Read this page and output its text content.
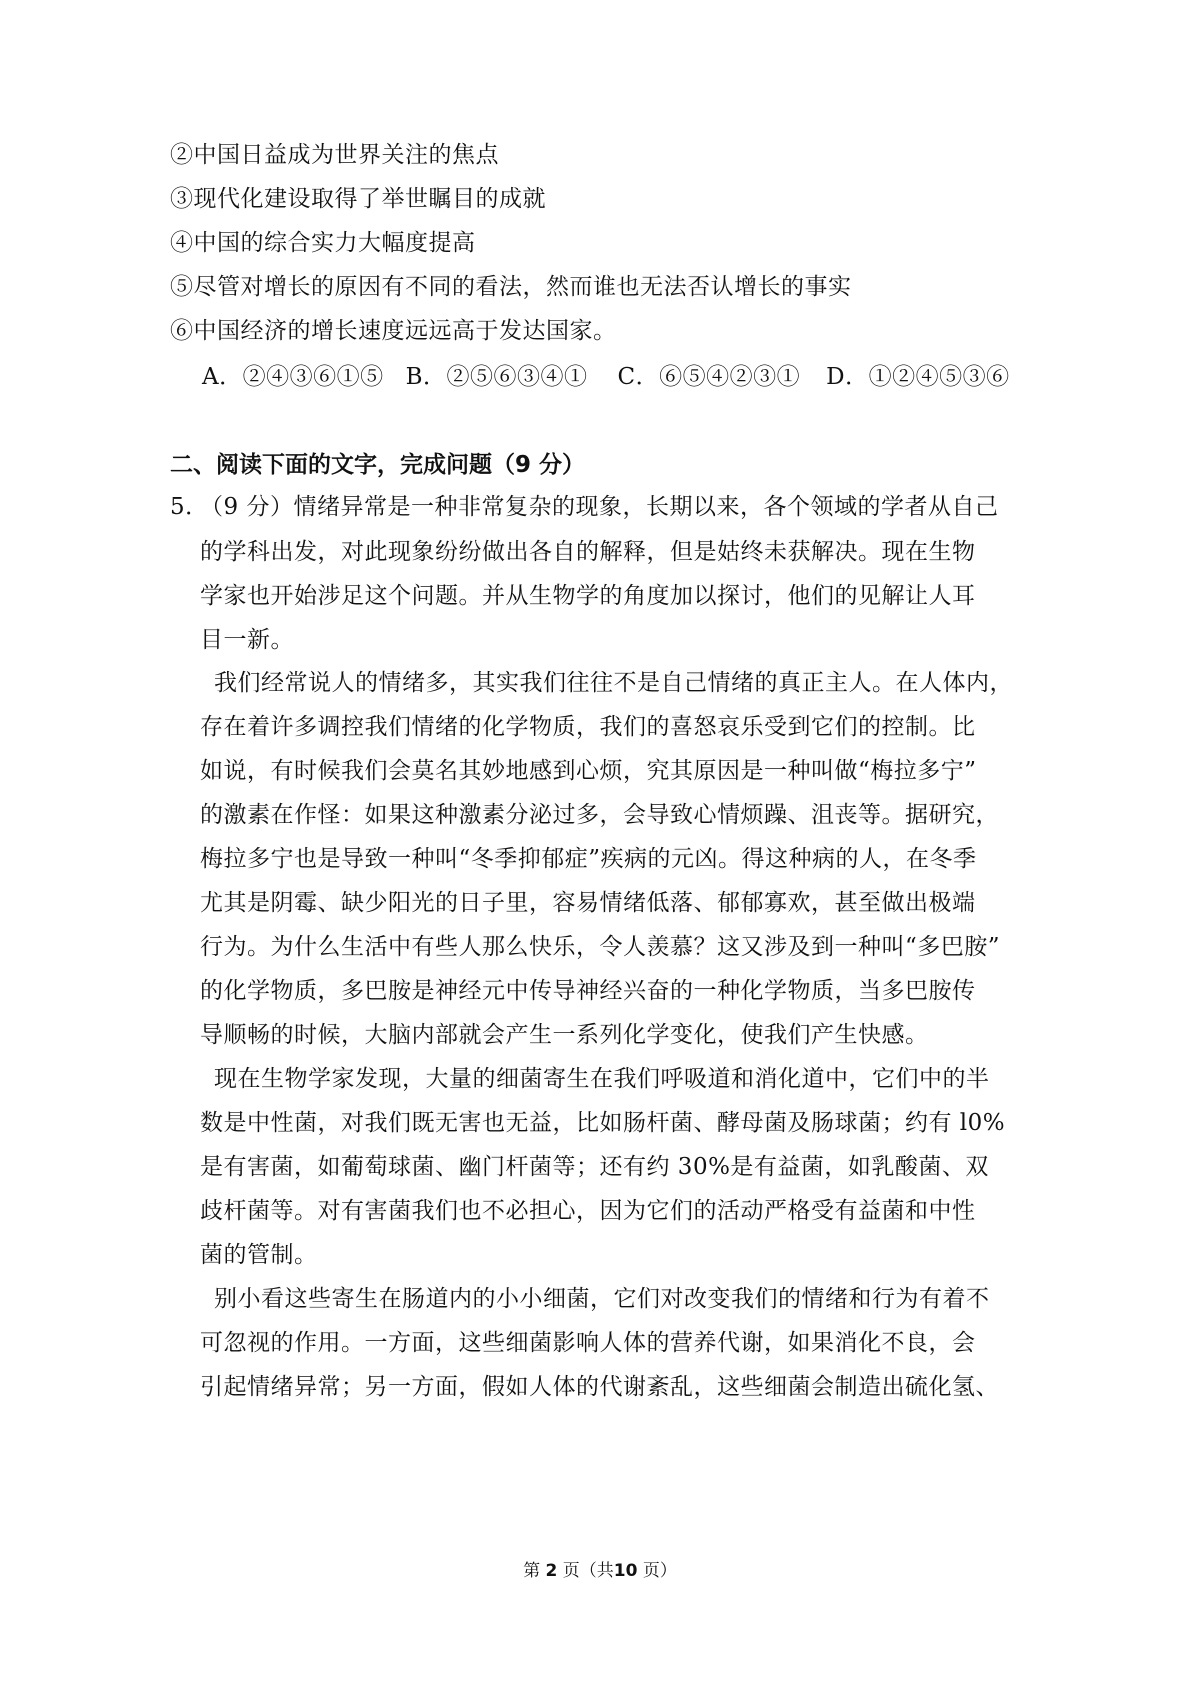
②中国日益成为世界关注的焦点
③现代化建设取得了举世瞩目的成就
④中国的综合实力大幅度提高
⑤尽管对增长的原因有不同的看法，然而谁也无法否认增长的事实
⑥中国经济的增长速度远远高于发达国家。
A．②④③⑥①⑤ B．②⑤⑥③④① C．⑥⑤④②③① D．①②④⑤③⑥
二、阅读下面的文字，完成问题（9 分）
5．
（9 分）情绪异常是一种非常复杂的现象，长期以来，各个领域的学者从自己
的学科出发，对此现象纷纷做出各自的解释，但是姑终未获解决。现在生物
学家也开始涉足这个问题。并从生物学的角度加以探讨，他们的见解让人耳
目一新。
我们经常说人的情绪多，其实我们往往不是自己情绪的真正主人。在人体内，
存在着许多调控我们情绪的化学物质，我们的喜怒哀乐受到它们的控制。比
如说，有时候我们会莫名其妙地感到心烦，究其原因是一种叫做“梅拉多宁”
的激素在作怪：如果这种激素分泌过多，会导致心情烦躁、沮丧等。据研究，
梅拉多宁也是导致一种叫“冬季抑郁症”疾病的元凶。得这种病的人，在冬季
尤其是阴霉、缺少阳光的日子里，容易情绪低落、郁郁寡欢，甚至做出极端
行为。为什么生活中有些人那么快乐，令人羡慕？这又涉及到一种叫“多巴胺”
的化学物质，多巴胺是神经元中传导神经兴奋的一种化学物质，当多巴胺传
导顺畅的时候，大脑内部就会产生一系列化学变化，使我们产生快感。
现在生物学家发现，大量的细菌寄生在我们呼吸道和消化道中，它们中的半
数是中性菌，对我们既无害也无益，比如肠杆菌、酵母菌及肠球菌；约有 l0%
是有害菌，如葡萄球菌、幽门杆菌等；还有约 30%是有益菌，如乳酸菌、双
歧杆菌等。对有害菌我们也不必担心，因为它们的活动严格受有益菌和中性
菌的管制。
别小看这些寄生在肠道内的小小细菌，它们对改变我们的情绪和行为有着不
可忽视的作用。一方面，这些细菌影响人体的营养代谢，如果消化不良，会
引起情绪异常；另一方面，假如人体的代谢紊乱，这些细菌会制造出硫化氢、
第 2 页（共10 页）
